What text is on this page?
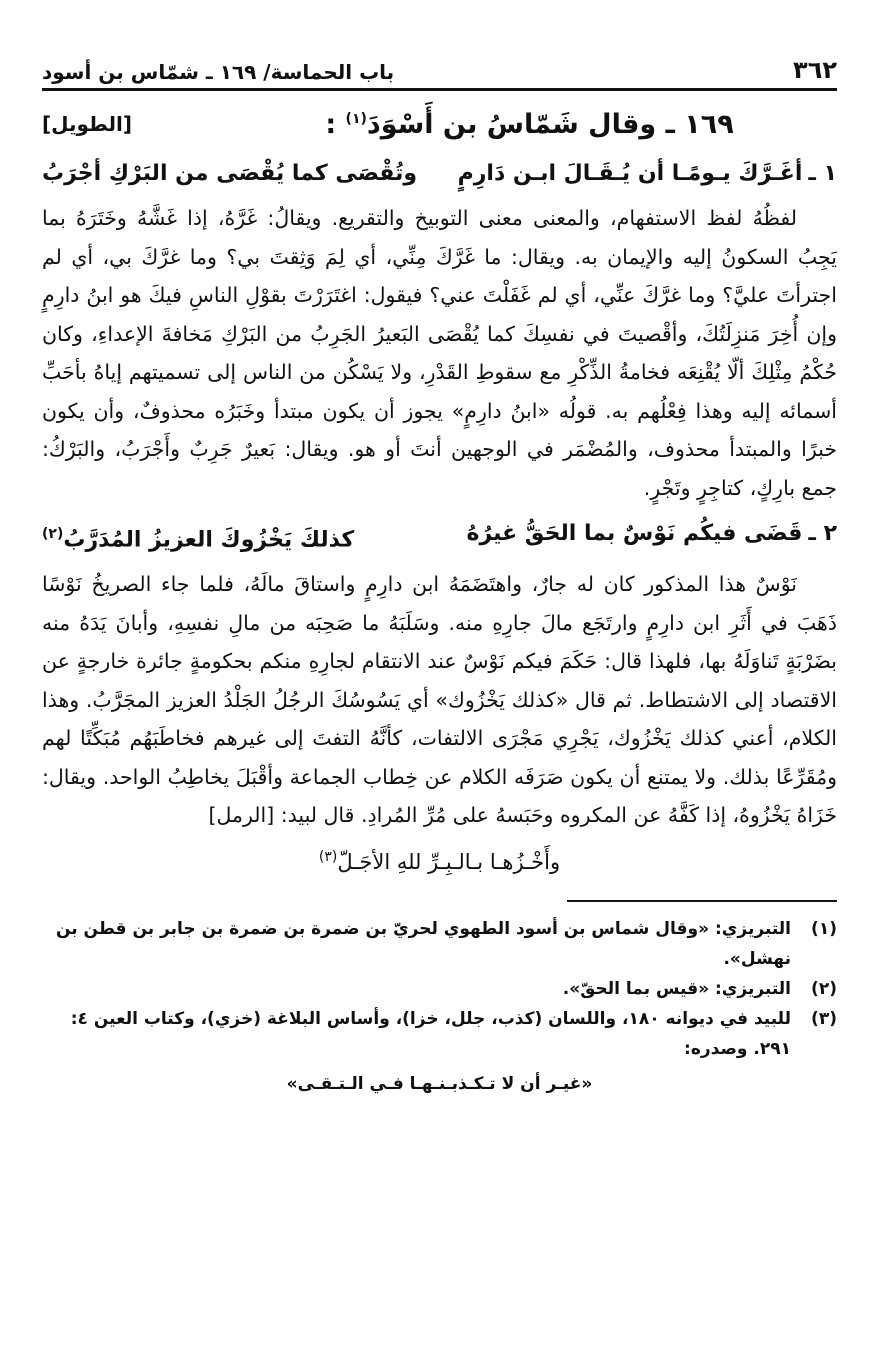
٣٦٢
باب الحماسة/ ١٦٩ ـ شمّاس بن أسود
١٦٩ ـ وقال شَمّاسُ بن أَسْوَدَ$^{(١)}$ :
[الطويل]
١ ـ
أغَـرَّكَ يـومًـا أن يُـقَـالَ ابـن دَارِمٍ
وتُقْصَى كما يُقْصَى من البَرْكِ أجْرَبُ

لفظُهُ لفظ الاستفهام، والمعنى معنى التوبيخ والتقريع. ويقالُ: غَرَّهُ، إذا غَشَّهُ وخَتَرَهُ بما يَجِبُ السكونُ إليه والإيمان به. ويقال: ما غَرَّكَ مِنِّي، أي لِمَ وَثِقتَ بي؟ وما غرَّكَ بي، أي لم اجترأتَ عليَّ؟ وما غرَّكَ عنِّي، أي لم غَفَلْتَ عني؟ فيقول: اغتَرَرْتَ بقوْلِ الناسِ فيكَ هو ابنُ دارِمٍ وإن أُخِرَ مَنزِلَتُكَ، وأقْصيتَ في نفسِكَ كما يُقْصَى البَعيرُ الجَرِبُ من البَرْكِ مَخافةَ الإعداءِ، وكان حُكْمُ مِثْلِكَ ألّا يُقْنِعَه فخامةُ الذِّكْرِ مع سقوطِ القَدْرِ، ولا يَسْكُن من الناس إلى تسميتهم إياهُ بأحَبِّ أسمائه إليه وهذا فِعْلُهم به. قولُه «ابنُ دارِمٍ» يجوز أن يكون مبتدأ وخَبَرُه محذوفٌ، وأن يكون خبرًا والمبتدأ محذوف، والمُضْمَر في الوجهين أنتَ أو هو. ويقال: بَعيرٌ جَرِبٌ وأَجْرَبُ، والبَرْكُ: جمع بارِكٍ، كتاجِرٍ وتَجْرٍ.

٢ ـ
قَضَى فيكُم نَوْسٌ بما الحَقُّ غيرُهُ
كذلكَ يَخْزُوكَ العزيزُ المُدَرَّبُ$^{(٢)}$

نَوْسٌ هذا المذكور كان له جارٌ، واهتَضَمَهُ ابن دارِمٍ واستاقَ مالَهُ، فلما جاء الصريخُ نَوْسًا ذَهَبَ في أَثَرِ ابن دارِمٍ وارتَجَع مالَ جارِهِ منه. وسَلَبَهُ ما صَحِبَه من مالِ نفسِهِ، وأبانَ يَدَهُ منه بضَرْبَةٍ تَناوَلَهُ بها، فلهذا قال: حَكَمَ فيكم نَوْسٌ عند الانتقام لجارِهِ منكم بحكومةٍ جائرة خارجةٍ عن الاقتصاد إلى الاشتطاط. ثم قال «كذلك يَخْزُوك» أي يَسُوسُكَ الرجُلُ الجَلْدُ العزيز المجَرَّبُ. وهذا الكلام، أعني كذلك يَخْزُوك، يَجْرِي مَجْرَى الالتفات، كأنَّهُ التفتَ إلى غيرهم فخاطَبَهُم مُبَكِّتًا لهم ومُقَرِّعًا بذلك. ولا يمتنع أن يكون صَرَفَه الكلام عن خِطاب الجماعة وأقْبَلَ يخاطِبُ الواحد. ويقال: خَزَاهُ يَخْزُوهُ، إذا كَفَّهُ عن المكروه وحَبَسهُ على مُرِّ المُرادِ. قال لبيد: [الرمل]

وأَخْـزُهـا بـالـبِـرِّ للهِ الأجَـلّ$^{(٣)}$
(١)
التبريزي: «وقال شماس بن أسود الطهوي لحريّ بن ضمرة بن ضمرة بن جابر بن قطن بن نهشل».
(٢)
التبريزي: «قيس بما الحقّ».
(٣)
للبيد في ديوانه ١٨٠، واللسان (كذب، جلل، خزا)، وأساس البلاغة (خزي)، وكتاب العين ٤: ٢٩١. وصدره:
«غيـر أن لا تـكـذبـنـهـا فـي الـتـقـى»
